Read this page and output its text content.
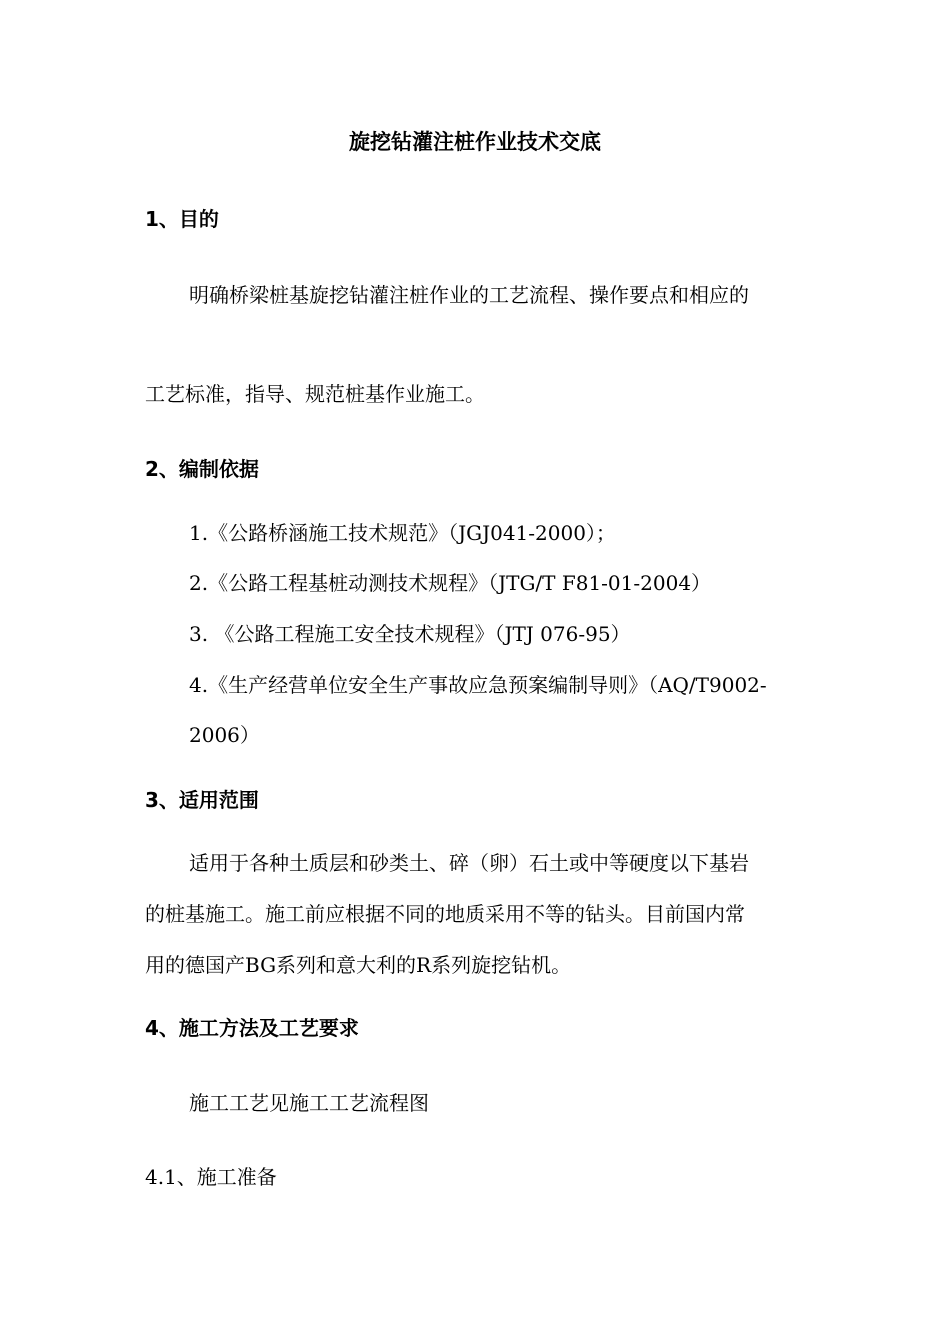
旋挖钻灌注桩作业技术交底
1、目的

明确桥梁桩基旋挖钻灌注桩作业的工艺流程、操作要点和相应的

工艺标准，指导、规范桩基作业施工。

2、编制依据

1.《公路桥涵施工技术规范》（JGJ041-2000）；

2.《公路工程基桩动测技术规程》（JTG/T F81-01-2004）

3. 《公路工程施工安全技术规程》（JTJ 076-95）

4.《生产经营单位安全生产事故应急预案编制导则》（AQ/T9002-

2006）

3、适用范围

适用于各种土质层和砂类土、碎（卵）石土或中等硬度以下基岩

的桩基施工。施工前应根据不同的地质采用不等的钻头。目前国内常

用的德国产BG系列和意大利的R系列旋挖钻机。

4、施工方法及工艺要求

施工工艺见施工工艺流程图

4.1、施工准备
